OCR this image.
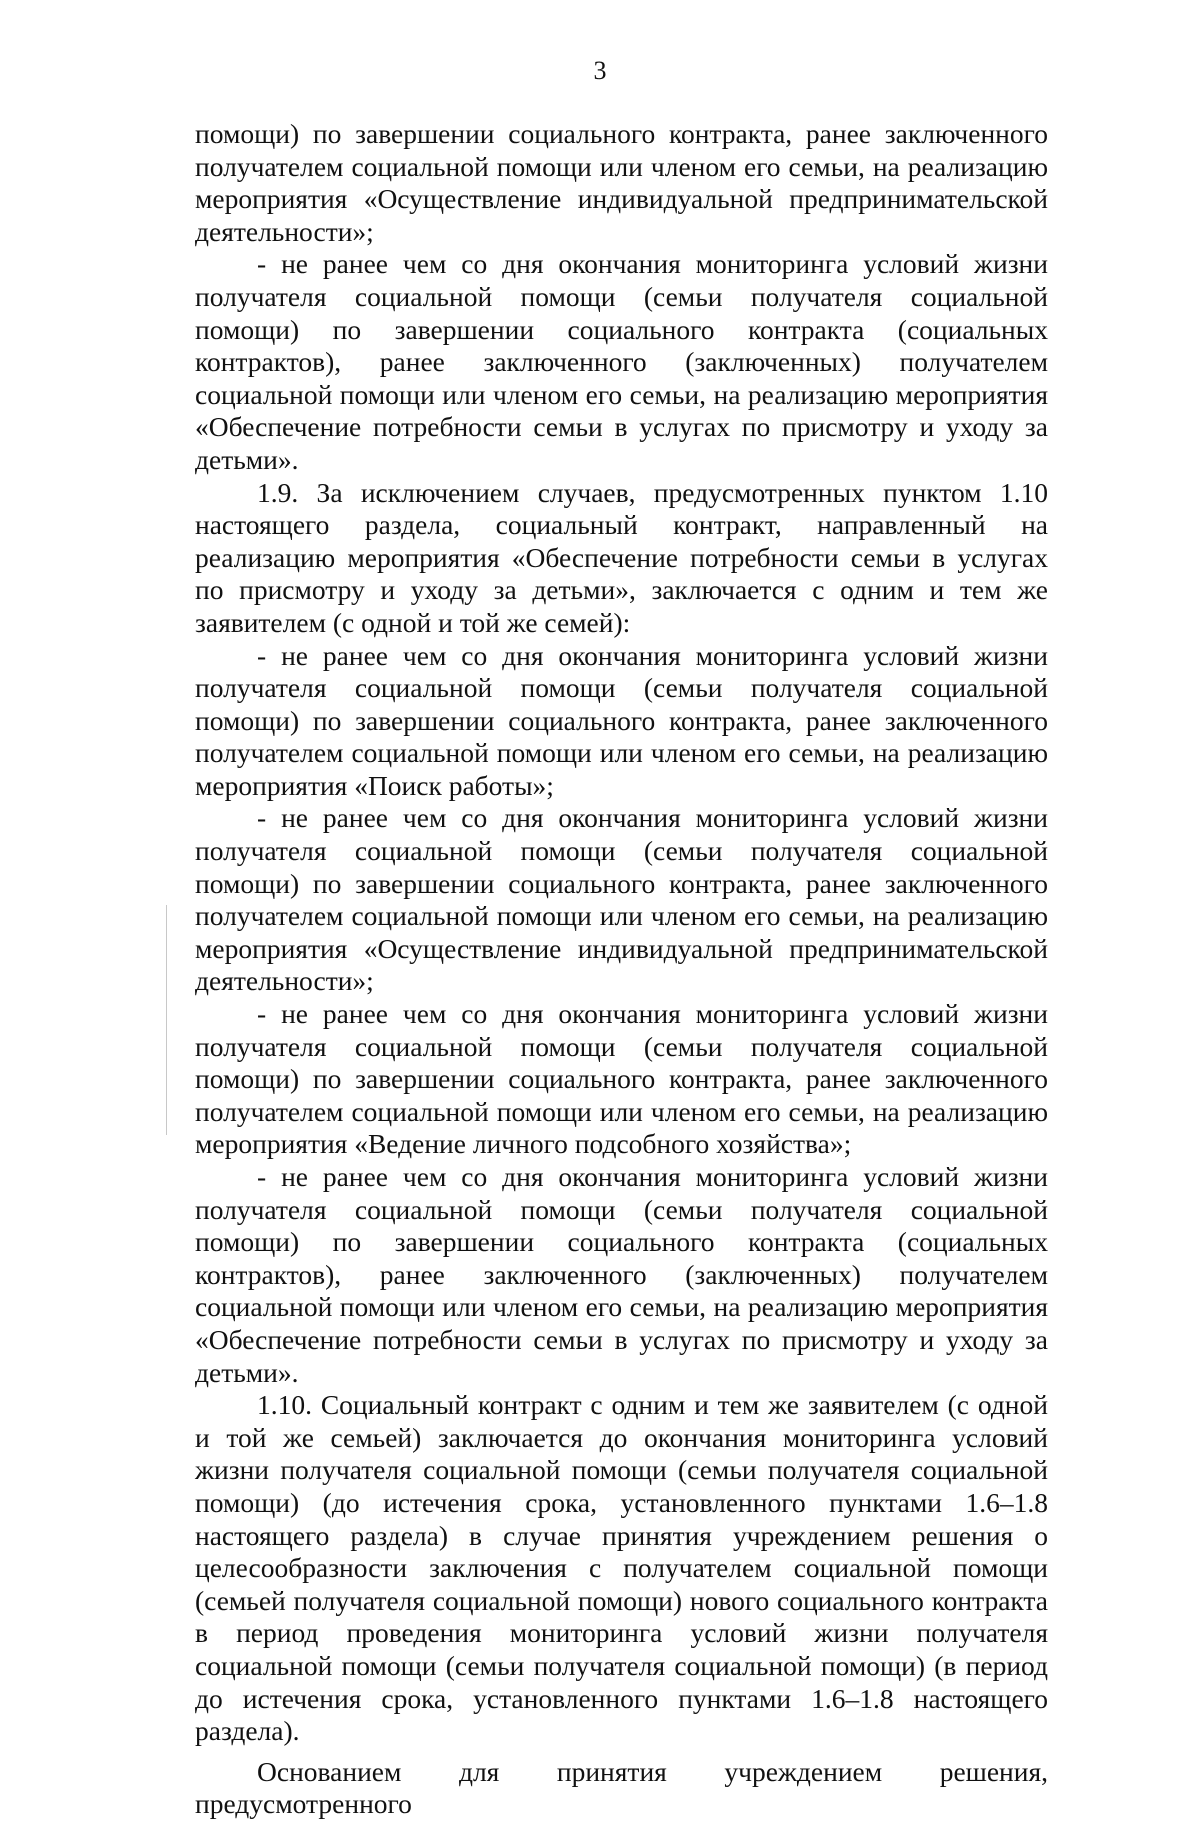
3

помощи) по завершении социального контракта, ранее заключенного получателем социальной помощи или членом его семьи, на реализацию мероприятия «Осуществление индивидуальной предпринимательской деятельности»;

- не ранее чем со дня окончания мониторинга условий жизни получателя социальной помощи (семьи получателя социальной помощи) по завершении социального контракта (социальных контрактов), ранее заключенного (заключенных) получателем социальной помощи или членом его семьи, на реализацию мероприятия «Обеспечение потребности семьи в услугах по присмотру и уходу за детьми».

1.9. За исключением случаев, предусмотренных пунктом 1.10 настоящего раздела, социальный контракт, направленный на реализацию мероприятия «Обеспечение потребности семьи в услугах по присмотру и уходу за детьми», заключается с одним и тем же заявителем (с одной и той же семей):

- не ранее чем со дня окончания мониторинга условий жизни получателя социальной помощи (семьи получателя социальной помощи) по завершении социального контракта, ранее заключенного получателем социальной помощи или членом его семьи, на реализацию мероприятия «Поиск работы»;

- не ранее чем со дня окончания мониторинга условий жизни получателя социальной помощи (семьи получателя социальной помощи) по завершении социального контракта, ранее заключенного получателем социальной помощи или членом его семьи, на реализацию мероприятия «Осуществление индивидуальной предпринимательской деятельности»;

- не ранее чем со дня окончания мониторинга условий жизни получателя социальной помощи (семьи получателя социальной помощи) по завершении социального контракта, ранее заключенного получателем социальной помощи или членом его семьи, на реализацию мероприятия «Ведение личного подсобного хозяйства»;

- не ранее чем со дня окончания мониторинга условий жизни получателя социальной помощи (семьи получателя социальной помощи) по завершении социального контракта (социальных контрактов), ранее заключенного (заключенных) получателем социальной помощи или членом его семьи, на реализацию мероприятия «Обеспечение потребности семьи в услугах по присмотру и уходу за детьми».

1.10. Социальный контракт с одним и тем же заявителем (с одной и той же семьей) заключается до окончания мониторинга условий жизни получателя социальной помощи (семьи получателя социальной помощи) (до истечения срока, установленного пунктами 1.6–1.8 настоящего раздела) в случае принятия учреждением решения о целесообразности заключения с получателем социальной помощи (семьей получателя социальной помощи) нового социального контракта в период проведения мониторинга условий жизни получателя социальной помощи (семьи получателя социальной помощи) (в период до истечения срока, установленного пунктами 1.6–1.8 настоящего раздела).

Основанием для принятия учреждением решения, предусмотренного
